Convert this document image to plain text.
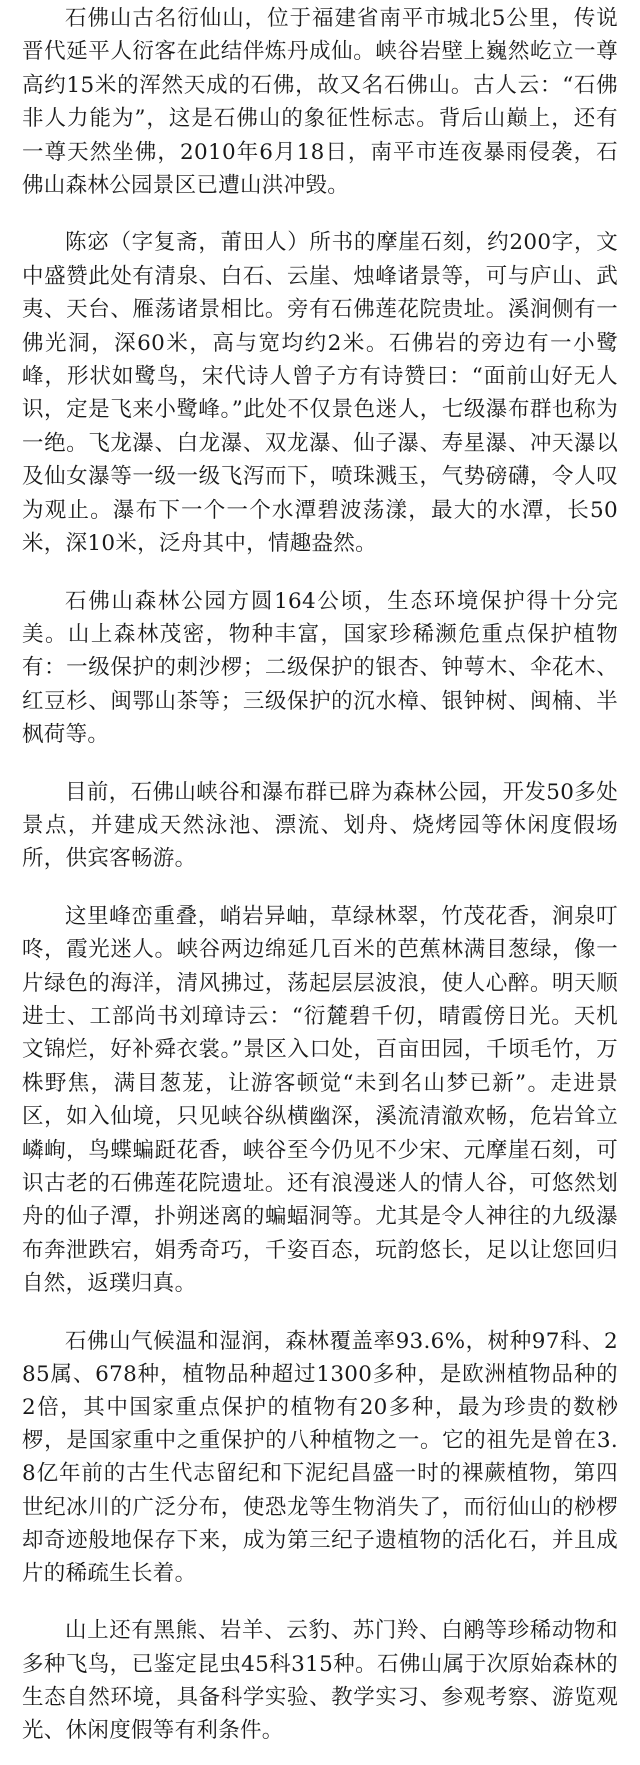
石佛山古名衍仙山，位于福建省南平市城北5公里，传说晋代延平人衍客在此结伴炼丹成仙。峡谷岩壁上巍然屹立一尊高约15米的浑然天成的石佛，故又名石佛山。古人云：“石佛非人力能为”，这是石佛山的象征性标志。背后山巅上，还有一尊天然坐佛，2010年6月18日，南平市连夜暴雨侵袭，石佛山森林公园景区已遭山洪冲毁。

陈宓（字复斋，莆田人）所书的摩崖石刻，约200字，文中盛赞此处有清泉、白石、云崖、烛峰诸景等，可与庐山、武夷、天台、雁荡诸景相比。旁有石佛莲花院贵址。溪涧侧有一佛光洞，深60米，高与宽均约2米。石佛岩的旁边有一小鹭峰，形状如鹭鸟，宋代诗人曾子方有诗赞曰：“面前山好无人识，定是飞来小鹭峰。”此处不仅景色迷人，七级瀑布群也称为一绝。飞龙瀑、白龙瀑、双龙瀑、仙子瀑、寿星瀑、冲天瀑以及仙女瀑等一级一级飞泻而下，喷珠溅玉，气势磅礴，令人叹为观止。瀑布下一个一个水潭碧波荡漾，最大的水潭，长50米，深10米，泛舟其中，情趣盎然。

石佛山森林公园方圆164公顷，生态环境保护得十分完美。山上森林茂密，物种丰富，国家珍稀濒危重点保护植物有：一级保护的刺沙椤；二级保护的银杏、钟萼木、伞花木、红豆杉、闽鄂山茶等；三级保护的沉水樟、银钟树、闽楠、半枫荷等。

目前，石佛山峡谷和瀑布群已辟为森林公园，开发50多处景点，并建成天然泳池、漂流、划舟、烧烤园等休闲度假场所，供宾客畅游。

这里峰峦重叠，峭岩异岫，草绿林翠，竹茂花香，涧泉叮咚，霞光迷人。峡谷两边绵延几百米的芭蕉林满目葱绿，像一片绿色的海洋，清风拂过，荡起层层波浪，使人心醉。明天顺进士、工部尚书刘璋诗云：“衍麓碧千仞，晴霞傍日光。天机文锦烂，好补舜衣裳。”景区入口处，百亩田园，千顷毛竹，万株野焦，满目葱茏，让游客顿觉“未到名山梦已新”。走进景区，如入仙境，只见峡谷纵横幽深，溪流清澈欢畅，危岩耸立嶙峋，鸟蝶蝙跹花香，峡谷至今仍见不少宋、元摩崖石刻，可识古老的石佛莲花院遗址。还有浪漫迷人的情人谷，可悠然划舟的仙子潭，扑朔迷离的蝙蝠洞等。尤其是令人神往的九级瀑布奔泄跌宕，娟秀奇巧，千姿百态，玩韵悠长，足以让您回归自然，返璞归真。

石佛山气候温和湿润，森林覆盖率93.6%，树种97科、285属、678种，植物品种超过1300多种，是欧洲植物品种的2倍，其中国家重点保护的植物有20多种，最为珍贵的数桫椤，是国家重中之重保护的八种植物之一。它的祖先是曾在3.8亿年前的古生代志留纪和下泥纪昌盛一时的裸蕨植物，第四世纪冰川的广泛分布，使恐龙等生物消失了，而衍仙山的桫椤却奇迹般地保存下来，成为第三纪子遗植物的活化石，并且成片的稀疏生长着。

山上还有黑熊、岩羊、云豹、苏门羚、白鹇等珍稀动物和多种飞鸟，已鉴定昆虫45科315种。石佛山属于次原始森林的生态自然环境，具备科学实验、教学实习、参观考察、游览观光、休闲度假等有利条件。
